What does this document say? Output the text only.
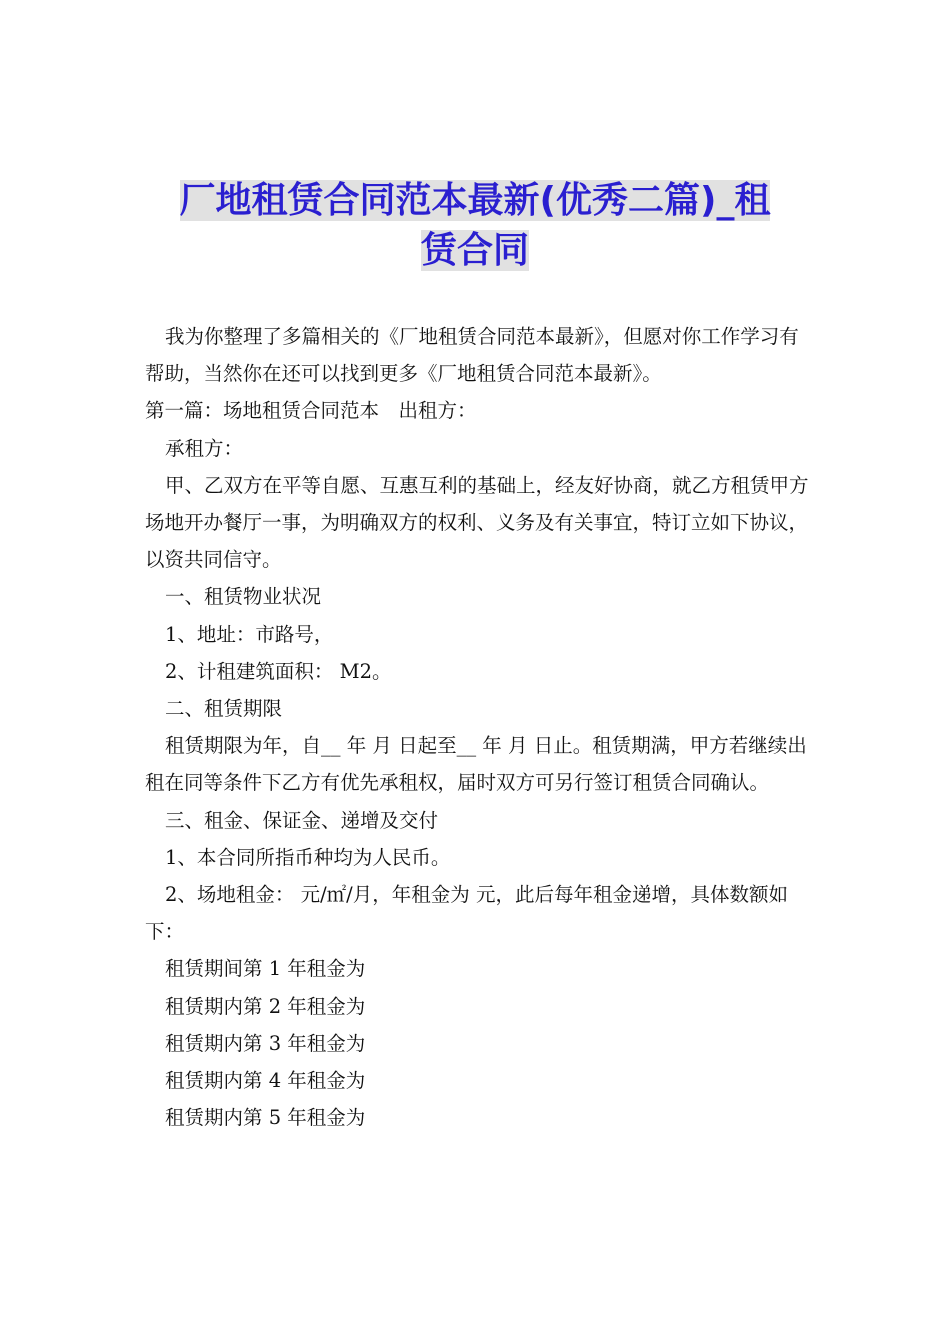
厂地租赁合同范本最新(优秀二篇)_租
赁合同

我为你整理了多篇相关的《厂地租赁合同范本最新》，但愿对你工作学习有帮助，当然你在还可以找到更多《厂地租赁合同范本最新》。

第一篇：场地租赁合同范本　出租方：

承租方：

甲、乙双方在平等自愿、互惠互利的基础上，经友好协商，就乙方租赁甲方场地开办餐厅一事，为明确双方的权利、义务及有关事宜，特订立如下协议，以资共同信守。

一、租赁物业状况

1、地址：市路号，

2、计租建筑面积： M2。

二、租赁期限

租赁期限为年，自__ 年 月 日起至__ 年 月 日止。租赁期满，甲方若继续出租在同等条件下乙方有优先承租权，届时双方可另行签订租赁合同确认。

三、租金、保证金、递增及交付

1、本合同所指币种均为人民币。

2、场地租金： 元/㎡/月，年租金为 元，此后每年租金递增，具体数额如下：

租赁期间第 1 年租金为

租赁期内第 2 年租金为

租赁期内第 3 年租金为

租赁期内第 4 年租金为

租赁期内第 5 年租金为
